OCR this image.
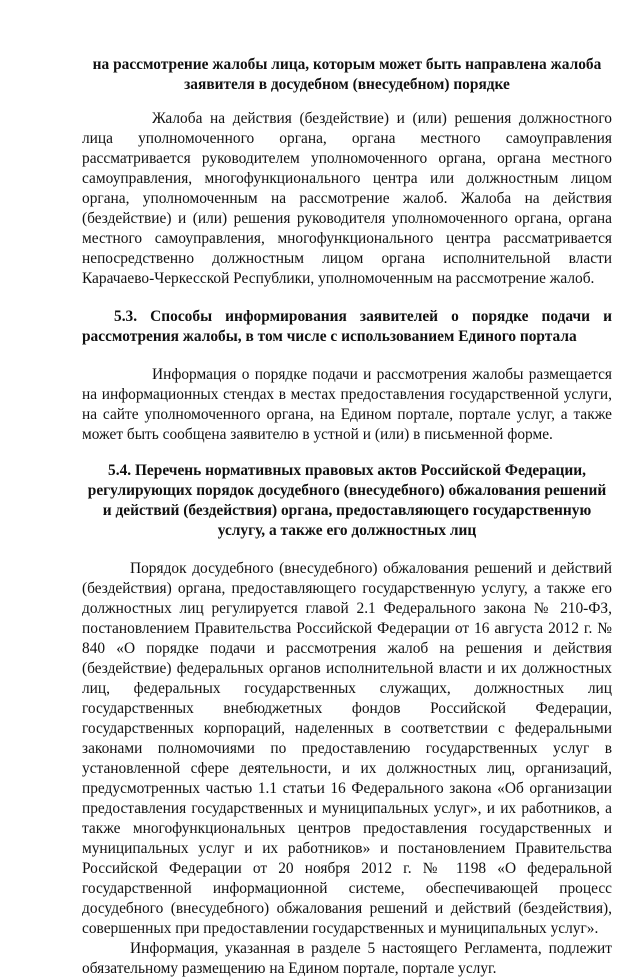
на рассмотрение жалобы лица, которым может быть направлена жалоба заявителя в досудебном (внесудебном) порядке

Жалоба на действия (бездействие) и (или) решения должностного лица уполномоченного органа, органа местного самоуправления рассматривается руководителем уполномоченного органа, органа местного самоуправления, многофункционального центра или должностным лицом органа, уполномоченным на рассмотрение жалоб. Жалоба на действия (бездействие) и (или) решения руководителя уполномоченного органа, органа местного самоуправления, многофункционального центра рассматривается непосредственно должностным лицом органа исполнительной власти Карачаево-Черкесской Республики, уполномоченным на рассмотрение жалоб.

5.3. Способы информирования заявителей о порядке подачи и рассмотрения жалобы, в том числе с использованием Единого портала

Информация о порядке подачи и рассмотрения жалобы размещается на информационных стендах в местах предоставления государственной услуги, на сайте уполномоченного органа, на Едином портале, портале услуг, а также может быть сообщена заявителю в устной и (или) в письменной форме.

5.4. Перечень нормативных правовых актов Российской Федерации, регулирующих порядок досудебного (внесудебного) обжалования решений и действий (бездействия) органа, предоставляющего государственную услугу, а также его должностных лиц

Порядок досудебного (внесудебного) обжалования решений и действий (бездействия) органа, предоставляющего государственную услугу, а также его должностных лиц регулируется главой 2.1 Федерального закона № 210-ФЗ, постановлением Правительства Российской Федерации от 16 августа 2012 г. № 840 «О порядке подачи и рассмотрения жалоб на решения и действия (бездействие) федеральных органов исполнительной власти и их должностных лиц, федеральных государственных служащих, должностных лиц государственных внебюджетных фондов Российской Федерации, государственных корпораций, наделенных в соответствии с федеральными законами полномочиями по предоставлению государственных услуг в установленной сфере деятельности, и их должностных лиц, организаций, предусмотренных частью 1.1 статьи 16 Федерального закона «Об организации предоставления государственных и муниципальных услуг», и их работников, а также многофункциональных центров предоставления государственных и муниципальных услуг и их работников» и постановлением Правительства Российской Федерации от 20 ноября 2012 г. № 1198 «О федеральной государственной информационной системе, обеспечивающей процесс досудебного (внесудебного) обжалования решений и действий (бездействия), совершенных при предоставлении государственных и муниципальных услуг».

Информация, указанная в разделе 5 настоящего Регламента, подлежит обязательному размещению на Едином портале, портале услуг.
